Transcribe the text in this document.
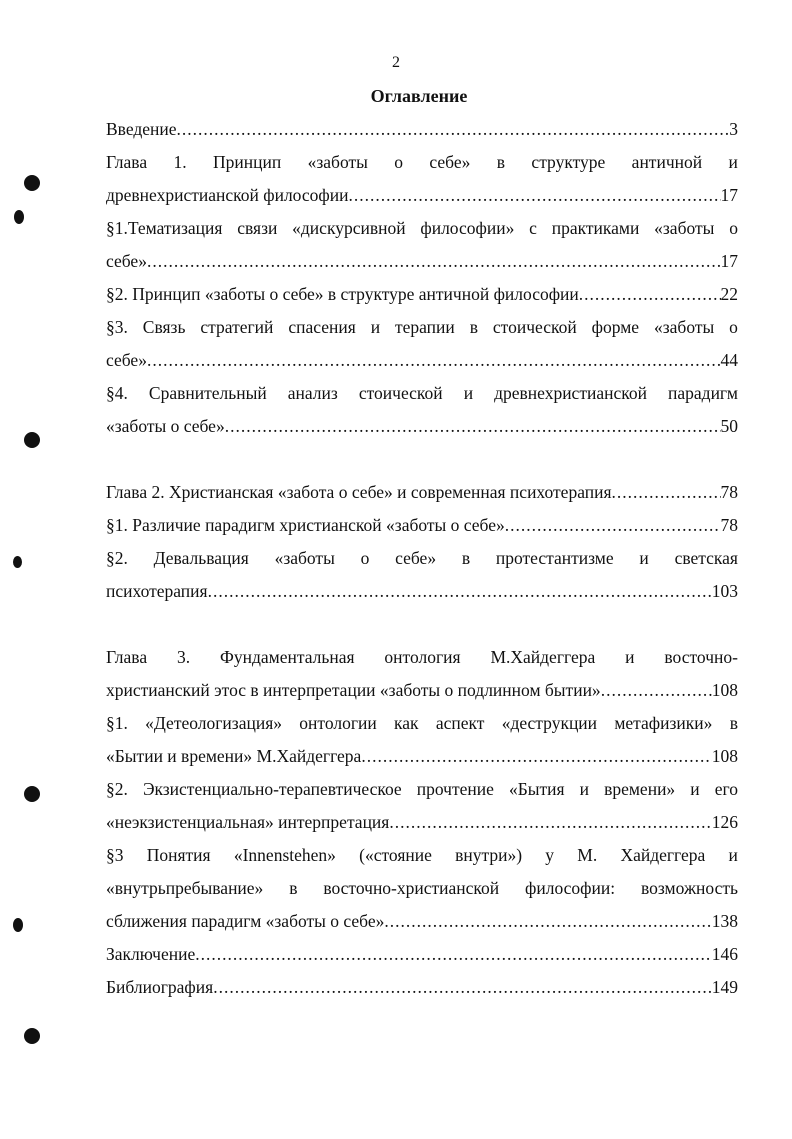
2
Оглавление
Введение .....	3
Глава 1. Принцип «заботы о себе» в структуре античной и
древнехристианской философии .....	17
§1.Тематизация связи «дискурсивной философии» с практиками «заботы о
себе» .....	17
§2. Принцип «заботы о себе» в структуре античной философии .....	22
§3. Связь стратегий спасения и терапии в стоической форме «заботы о
себе» .....	44
§4. Сравнительный анализ стоической и древнехристианской парадигм
«заботы о себе» .....	50
Глава 2. Христианская «забота о себе» и современная психотерапия .....	78
§1. Различие парадигм христианской «заботы о себе» .....	78
§2. Девальвация «заботы о себе» в протестантизме и светская
психотерапия .....	103
Глава 3. Фундаментальная онтология М.Хайдеггера и восточно-
христианский этос в интерпретации «заботы о подлинном бытии» .....	108
§1. «Детеологизация» онтологии как аспект «деструкции метафизики» в
«Бытии и времени» М.Хайдеггера .....	108
§2. Экзистенциально-терапевтическое прочтение «Бытия и времени» и его
«неэкзистенциальная» интерпретация .....	126
§3 Понятия «Innenstehen» («стояние внутри») у М. Хайдеггера и
«внутрьпребывание» в восточно-христианской философии: возможность
сближения парадигм «заботы о себе» .....	138
Заключение .....	146
Библиография .....	149
